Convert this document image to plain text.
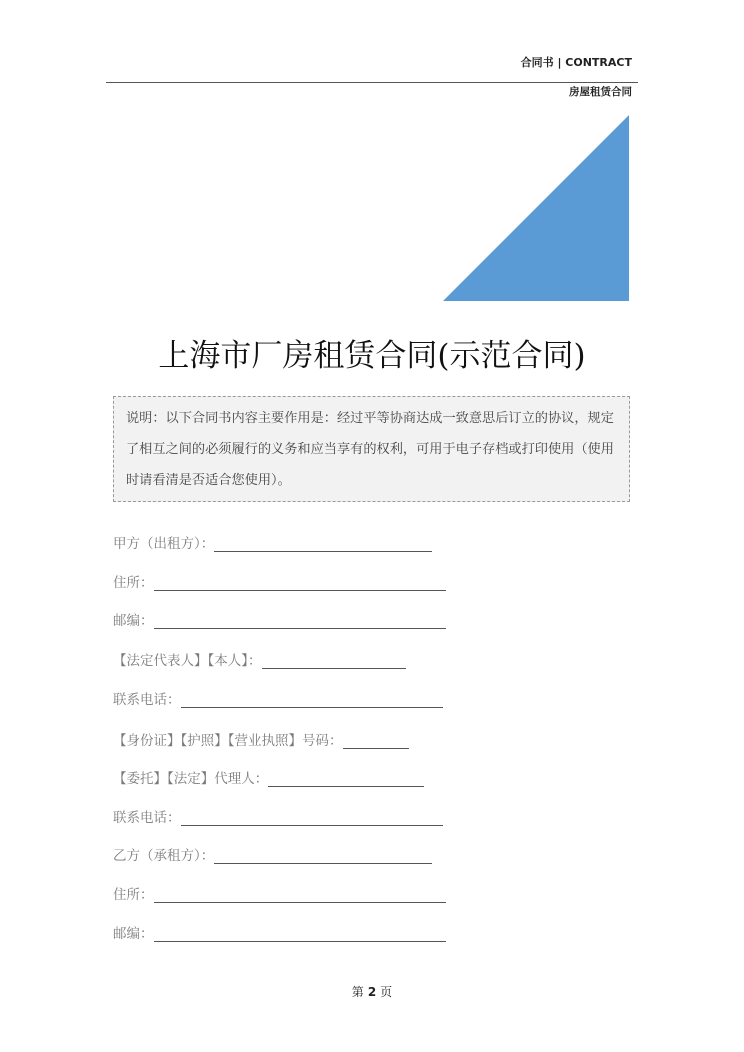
合同书 | CONTRACT
房屋租赁合同
上海市厂房租赁合同(示范合同)
说明：以下合同书内容主要作用是：经过平等协商达成一致意思后订立的协议，规定了相互之间的必须履行的义务和应当享有的权利，可用于电子存档或打印使用（使用时请看清是否适合您使用）。
甲方（出租方）：
住所：
邮编：
【法定代表人】【本人】：
联系电话：
【身份证】【护照】【营业执照】号码：
【委托】【法定】代理人：
联系电话：
乙方（承租方）：
住所：
邮编：
第 2 页
